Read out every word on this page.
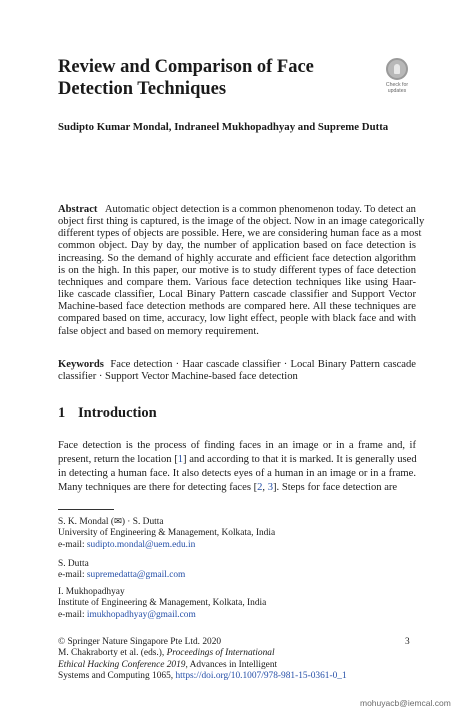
Review and Comparison of Face
Detection Techniques	Check for
updates
Sudipto Kumar Mondal, Indraneel Mukhopadhyay and Supreme Dutta
Abstract Automatic object detection is a common phenomenon today. To detect an
object first thing is captured, is the image of the object. Now in an image categorically
different types of objects are possible. Here, we are considering human face as a most
common object. Day by day, the number of application based on face detection is
increasing. So the demand of highly accurate and efficient face detection algorithm
is on the high. In this paper, our motive is to study different types of face detection
techniques and compare them. Various face detection techniques like using Haar-
like cascade classifier, Local Binary Pattern cascade classifier and Support Vector
Machine-based face detection methods are compared here. All these techniques are
compared based on time, accuracy, low light effect, people with black face and with
false object and based on memory requirement.
Keywords Face detection · Haar cascade classifier · Local Binary Pattern cascade
classifier · Support Vector Machine-based face detection
1 Introduction
Face detection is the process of finding faces in an image or in a frame and, if
present, return the location [1] and according to that it is marked. It is generally used
in detecting a human face. It also detects eyes of a human in an image or in a frame.
Many techniques are there for detecting faces [2, 3]. Steps for face detection are
S. K. Mondal (✉) · S. Dutta
University of Engineering & Management, Kolkata, India
e-mail: sudipto.mondal@uem.edu.in
S. Dutta
e-mail: supremedatta@gmail.com
I. Mukhopadhyay
Institute of Engineering & Management, Kolkata, India
e-mail: imukhopadhyay@gmail.com
© Springer Nature Singapore Pte Ltd. 2020
M. Chakraborty et al. (eds.), Proceedings of International
Ethical Hacking Conference 2019, Advances in Intelligent
Systems and Computing 1065, https://doi.org/10.1007/978-981-15-0361-0_1
3
mohuyacb@iemcal.com
